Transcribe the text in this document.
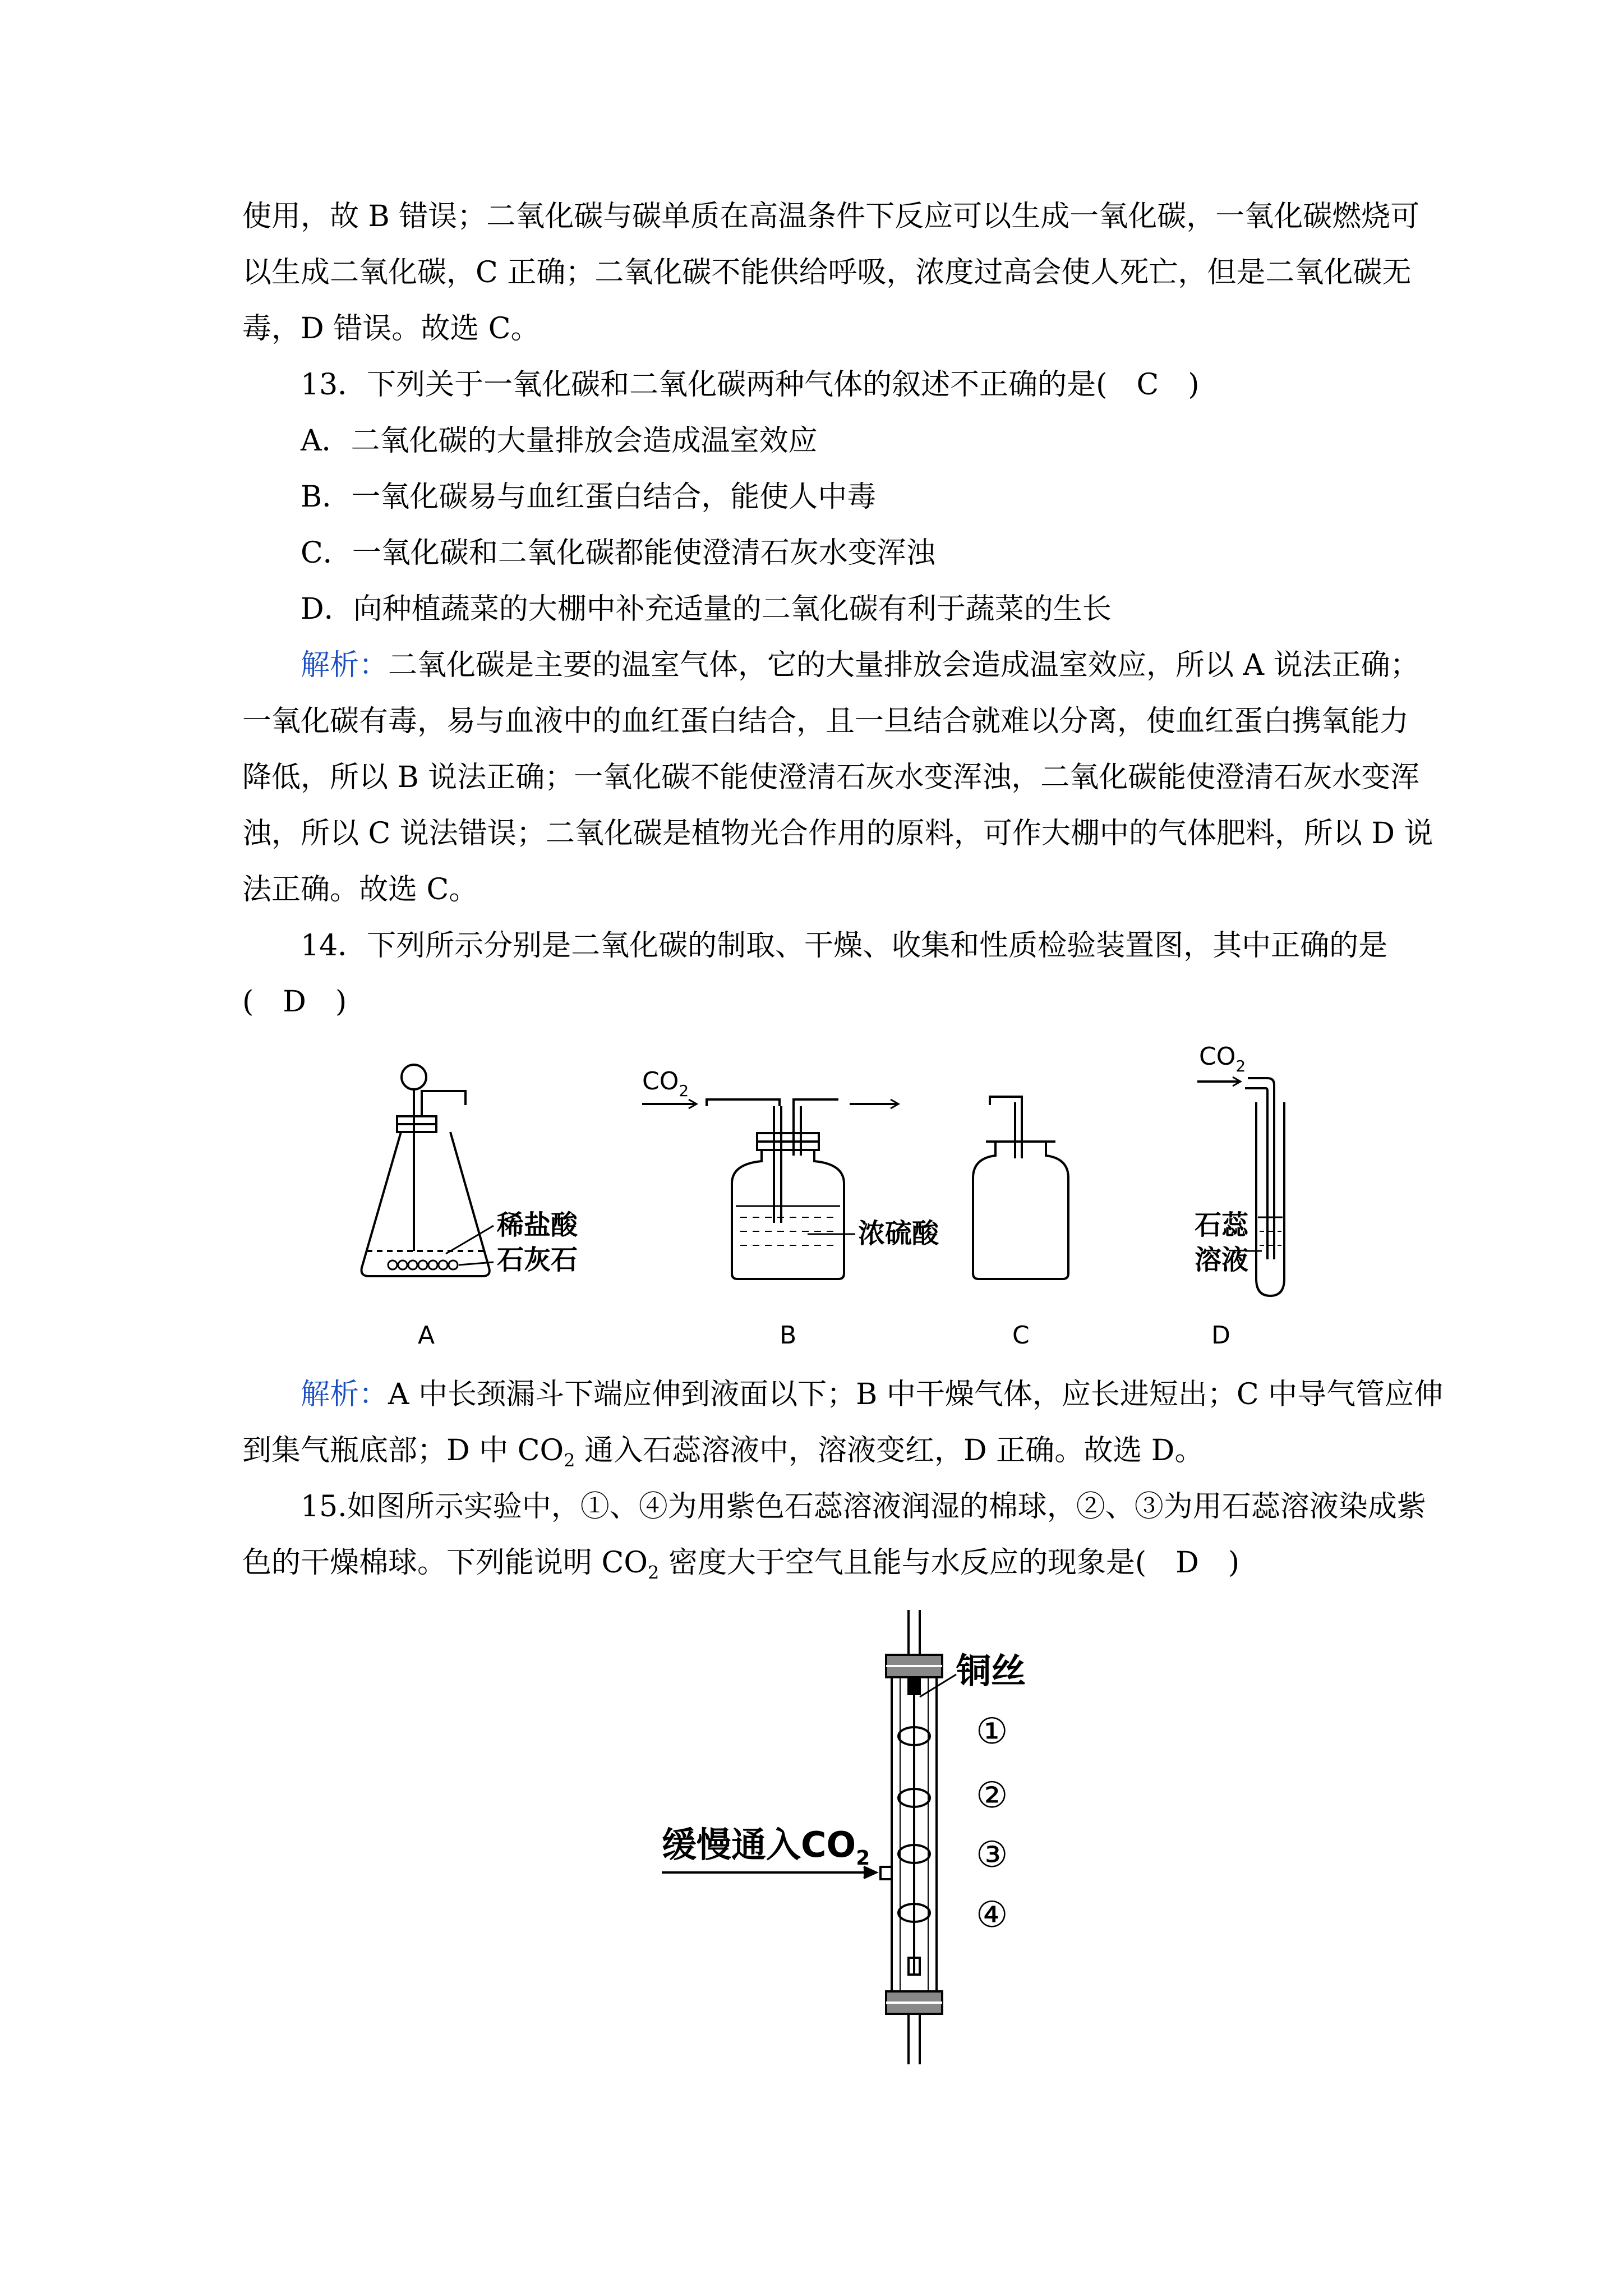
使用，故 B 错误；二氧化碳与碳单质在高温条件下反应可以生成一氧化碳，一氧化碳燃烧可

以生成二氧化碳，C 正确；二氧化碳不能供给呼吸，浓度过高会使人死亡，但是二氧化碳无

毒，D 错误。故选 C。

13．下列关于一氧化碳和二氧化碳两种气体的叙述不正确的是(　C　)

A．二氧化碳的大量排放会造成温室效应

B．一氧化碳易与血红蛋白结合，能使人中毒

C．一氧化碳和二氧化碳都能使澄清石灰水变浑浊

D．向种植蔬菜的大棚中补充适量的二氧化碳有利于蔬菜的生长

解析：二氧化碳是主要的温室气体，它的大量排放会造成温室效应，所以 A 说法正确；

一氧化碳有毒，易与血液中的血红蛋白结合，且一旦结合就难以分离，使血红蛋白携氧能力

降低，所以 B 说法正确；一氧化碳不能使澄清石灰水变浑浊，二氧化碳能使澄清石灰水变浑

浊，所以 C 说法错误；二氧化碳是植物光合作用的原料，可作大棚中的气体肥料，所以 D 说

法正确。故选 C。

14．下列所示分别是二氧化碳的制取、干燥、收集和性质检验装置图，其中正确的是

(　D　)

稀盐酸
石灰石
A
$CO_2$
浓硫酸
B	C
$CO_2$
石蕊
溶液
D

解析：A 中长颈漏斗下端应伸到液面以下；B 中干燥气体，应长进短出；C 中导气管应伸

到集气瓶底部；D 中 $CO_2$ 通入石蕊溶液中，溶液变红，D 正确。故选 D。

15.如图所示实验中，①、④为用紫色石蕊溶液润湿的棉球，②、③为用石蕊溶液染成紫

色的干燥棉球。下列能说明 $CO_2$ 密度大于空气且能与水反应的现象是(　D　)

铜丝
缓慢通入$CO_2$
①
②
③
④
